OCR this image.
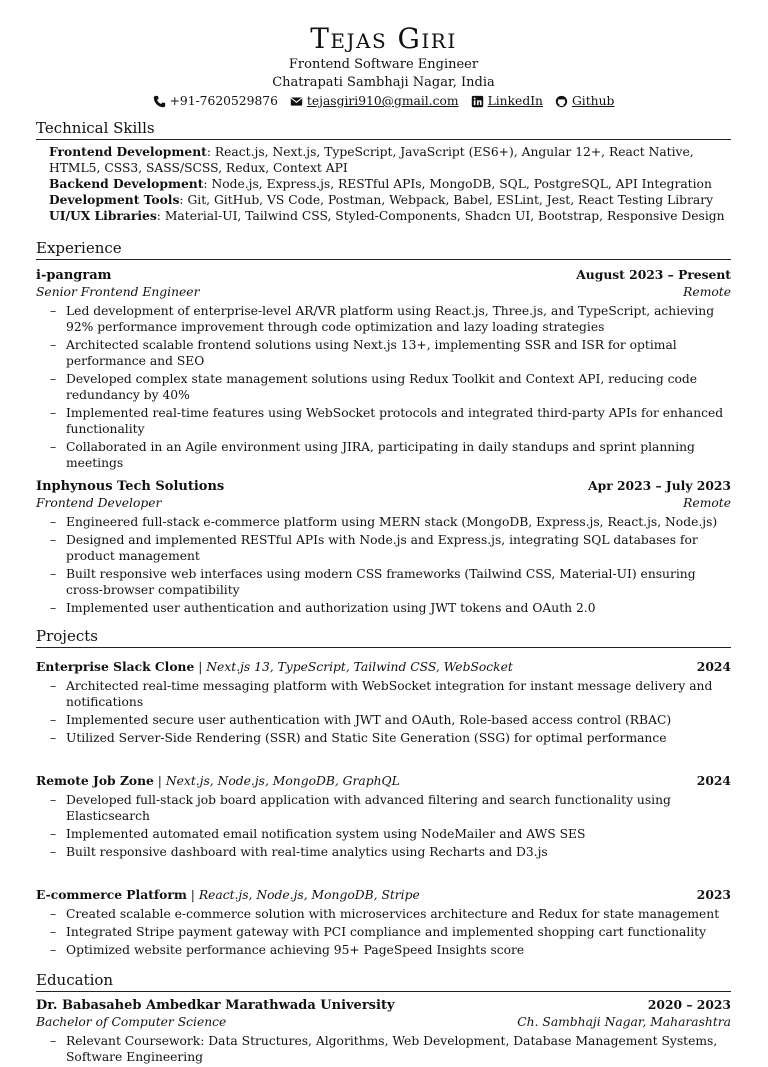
Tejas Giri
Frontend Software Engineer
Chatrapati Sambhaji Nagar, India
+91-7620529876 tejasgiri910@gmail.com LinkedIn Github
Technical Skills
Frontend Development: React.js, Next.js, TypeScript, JavaScript (ES6+), Angular 12+, React Native, HTML5, CSS3, SASS/SCSS, Redux, Context API
Backend Development: Node.js, Express.js, RESTful APIs, MongoDB, SQL, PostgreSQL, API Integration
Development Tools: Git, GitHub, VS Code, Postman, Webpack, Babel, ESLint, Jest, React Testing Library
UI/UX Libraries: Material-UI, Tailwind CSS, Styled-Components, Shadcn UI, Bootstrap, Responsive Design
Experience
i-pangram	August 2023 – Present
Senior Frontend Engineer	Remote
– Led development of enterprise-level AR/VR platform using React.js, Three.js, and TypeScript, achieving 92% performance improvement through code optimization and lazy loading strategies
– Architected scalable frontend solutions using Next.js 13+, implementing SSR and ISR for optimal performance and SEO
– Developed complex state management solutions using Redux Toolkit and Context API, reducing code redundancy by 40%
– Implemented real-time features using WebSocket protocols and integrated third-party APIs for enhanced functionality
– Collaborated in an Agile environment using JIRA, participating in daily standups and sprint planning meetings
Inphynous Tech Solutions	Apr 2023 – July 2023
Frontend Developer	Remote
– Engineered full-stack e-commerce platform using MERN stack (MongoDB, Express.js, React.js, Node.js)
– Designed and implemented RESTful APIs with Node.js and Express.js, integrating SQL databases for product management
– Built responsive web interfaces using modern CSS frameworks (Tailwind CSS, Material-UI) ensuring cross-browser compatibility
– Implemented user authentication and authorization using JWT tokens and OAuth 2.0
Projects
Enterprise Slack Clone | Next.js 13, TypeScript, Tailwind CSS, WebSocket	2024
– Architected real-time messaging platform with WebSocket integration for instant message delivery and notifications
– Implemented secure user authentication with JWT and OAuth, Role-based access control (RBAC)
– Utilized Server-Side Rendering (SSR) and Static Site Generation (SSG) for optimal performance
Remote Job Zone | Next.js, Node.js, MongoDB, GraphQL	2024
– Developed full-stack job board application with advanced filtering and search functionality using Elasticsearch
– Implemented automated email notification system using NodeMailer and AWS SES
– Built responsive dashboard with real-time analytics using Recharts and D3.js
E-commerce Platform | React.js, Node.js, MongoDB, Stripe	2023
– Created scalable e-commerce solution with microservices architecture and Redux for state management
– Integrated Stripe payment gateway with PCI compliance and implemented shopping cart functionality
– Optimized website performance achieving 95+ PageSpeed Insights score
Education
Dr. Babasaheb Ambedkar Marathwada University	2020 – 2023
Bachelor of Computer Science	Ch. Sambhaji Nagar, Maharashtra
– Relevant Coursework: Data Structures, Algorithms, Web Development, Database Management Systems, Software Engineering
